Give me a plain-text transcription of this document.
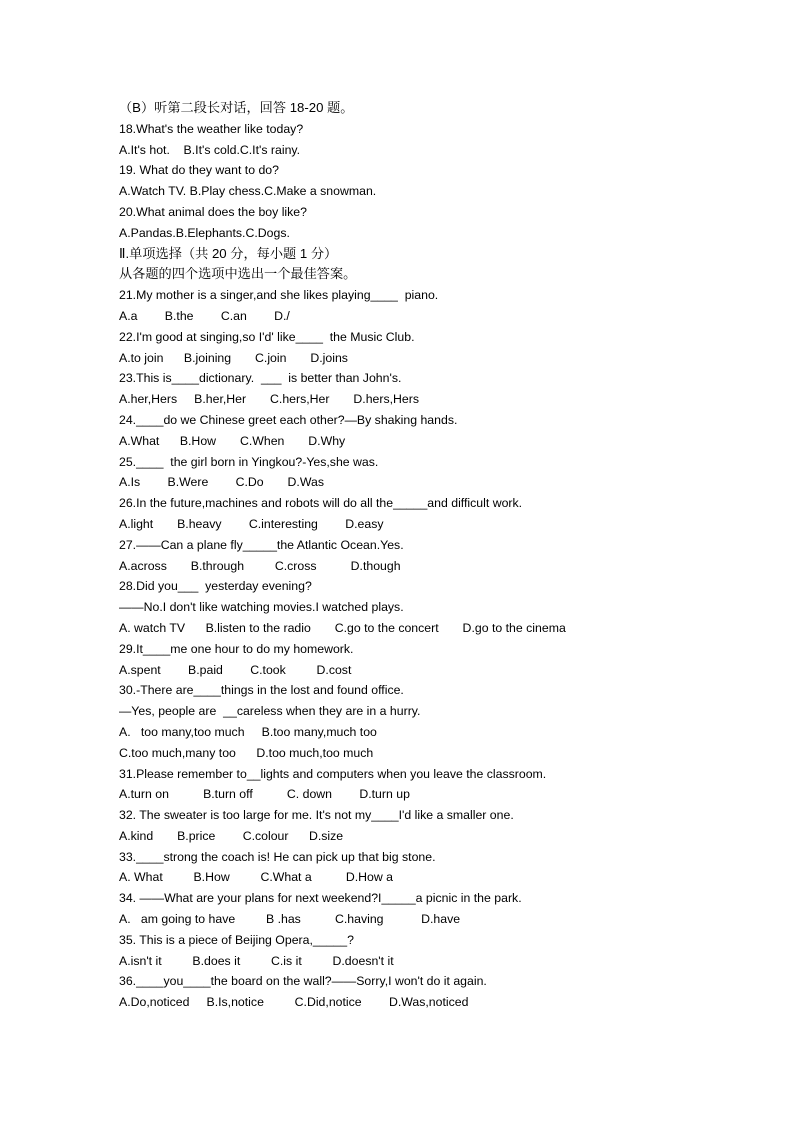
（B）听第二段长对话，回答 18-20 题。
18.What's the weather like today?
A.It's hot.    B.It's cold.C.It's rainy.
19. What do they want to do?
A.Watch TV. B.Play chess.C.Make a snowman.
20.What animal does the boy like?
A.Pandas.B.Elephants.C.Dogs.
Ⅱ.单项选择（共 20 分，每小题 1 分）
从各题的四个选项中选出一个最佳答案。
21.My mother is a singer,and she likes playing____  piano.
A.a        B.the        C.an        D./
22.I'm good at singing,so I'd' like____  the Music Club.
A.to join      B.joining       C.join       D.joins
23.This is____dictionary.  ___  is better than John's.
A.her,Hers     B.her,Her       C.hers,Her       D.hers,Hers
24.____do we Chinese greet each other?—By shaking hands.
A.What      B.How       C.When       D.Why
25.____  the girl born in Yingkou?-Yes,she was.
A.Is        B.Were        C.Do       D.Was
26.In the future,machines and robots will do all the_____and difficult work.
A.light       B.heavy        C.interesting        D.easy
27.——Can a plane fly_____the Atlantic Ocean.Yes.
A.across       B.through         C.cross          D.though
28.Did you___  yesterday evening?
——No.I don't like watching movies.I watched plays.
A. watch TV      B.listen to the radio       C.go to the concert       D.go to the cinema
29.It____me one hour to do my homework.
A.spent        B.paid        C.took         D.cost
30.-There are____things in the lost and found office.
—Yes, people are  __careless when they are in a hurry.
A.   too many,too much     B.too many,much too
C.too much,many too      D.too much,too much
31.Please remember to__lights and computers when you leave the classroom.
A.turn on          B.turn off          C. down        D.turn up
32. The sweater is too large for me. It's not my____I'd like a smaller one.
A.kind       B.price        C.colour      D.size
33.____strong the coach is! He can pick up that big stone.
A. What         B.How         C.What a          D.How a
34. ——What are your plans for next weekend?I_____a picnic in the park.
A.   am going to have         B .has          C.having           D.have
35. This is a piece of Beijing Opera,_____?
A.isn't it         B.does it         C.is it         D.doesn't it
36.____you____the board on the wall?——Sorry,I won't do it again.
A.Do,noticed     B.Is,notice         C.Did,notice        D.Was,noticed
